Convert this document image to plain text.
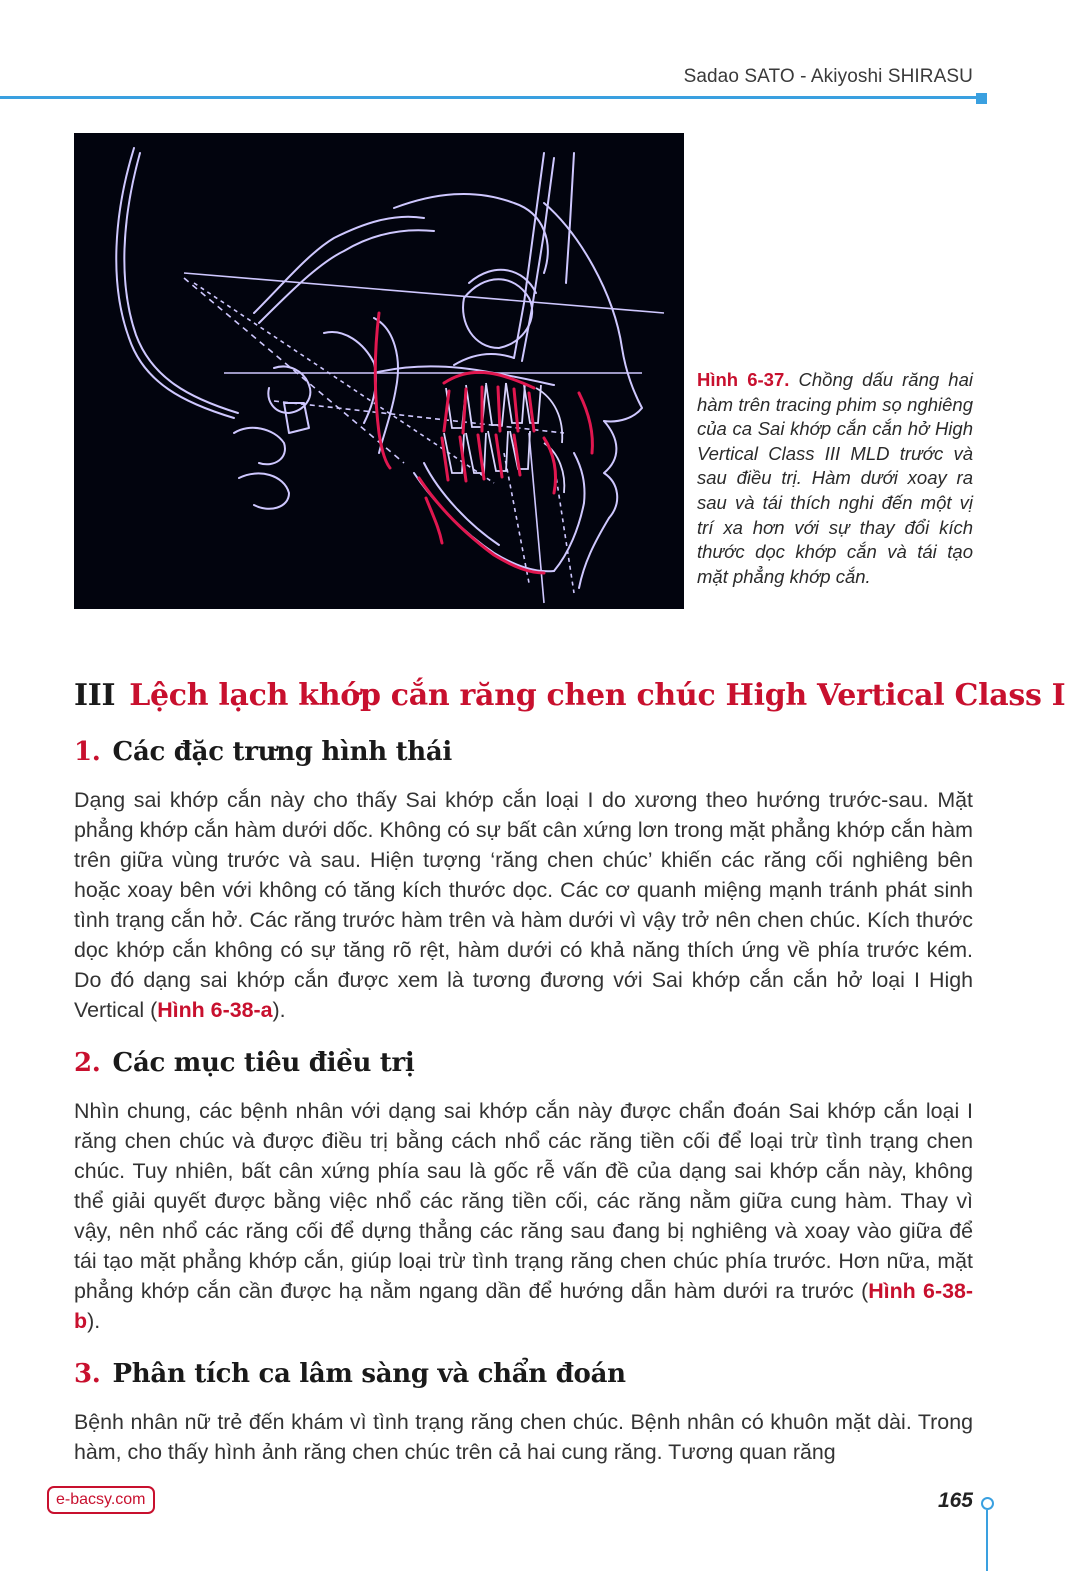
Sadao SATO - Akiyoshi SHIRASU
Hình 6-37. Chồng dấu răng hai hàm trên tracing phim sọ nghiêng của ca Sai khớp cắn cắn hở High Vertical Class III MLD trước và sau điều trị. Hàm dưới xoay ra sau và tái thích nghi đến một vị trí xa hơn với sự thay đổi kích thước dọc khớp cắn và tái tạo mặt phẳng khớp cắn.
III Lệch lạch khớp cắn răng chen chúc High Vertical Class I
1. Các đặc trưng hình thái
Dạng sai khớp cắn này cho thấy Sai khớp cắn loại I do xương theo hướng trước-sau. Mặt phẳng khớp cắn hàm dưới dốc. Không có sự bất cân xứng lơn trong mặt phẳng khớp cắn hàm trên giữa vùng trước và sau. Hiện tượng ‘răng chen chúc’ khiến các răng cối nghiêng bên hoặc xoay bên với không có tăng kích thước dọc. Các cơ quanh miệng mạnh tránh phát sinh tình trạng cắn hở. Các răng trước hàm trên và hàm dưới vì vậy trở nên chen chúc. Kích thước dọc khớp cắn không có sự tăng rõ rệt, hàm dưới có khả năng thích ứng về phía trước kém. Do đó dạng sai khớp cắn được xem là tương đương với Sai khớp cắn cắn hở loại I High Vertical (Hình 6-38-a).
2. Các mục tiêu điều trị
Nhìn chung, các bệnh nhân với dạng sai khớp cắn này được chẩn đoán Sai khớp cắn loại I răng chen chúc và được điều trị bằng cách nhổ các răng tiền cối để loại trừ tình trạng chen chúc. Tuy nhiên, bất cân xứng phía sau là gốc rễ vấn đề của dạng sai khớp cắn này, không thể giải quyết được bằng việc nhổ các răng tiền cối, các răng nằm giữa cung hàm. Thay vì vậy, nên nhổ các răng cối để dựng thẳng các răng sau đang bị nghiêng và xoay vào giữa để tái tạo mặt phẳng khớp cắn, giúp loại trừ tình trạng răng chen chúc phía trước. Hơn nữa, mặt phẳng khớp cắn cần được hạ nằm ngang dần để hướng dẫn hàm dưới ra trước (Hình 6-38-b).
3. Phân tích ca lâm sàng và chẩn đoán
Bệnh nhân nữ trẻ đến khám vì tình trạng răng chen chúc. Bệnh nhân có khuôn mặt dài. Trong hàm, cho thấy hình ảnh răng chen chúc trên cả hai cung răng. Tương quan răng
e-bacsy.com	165
